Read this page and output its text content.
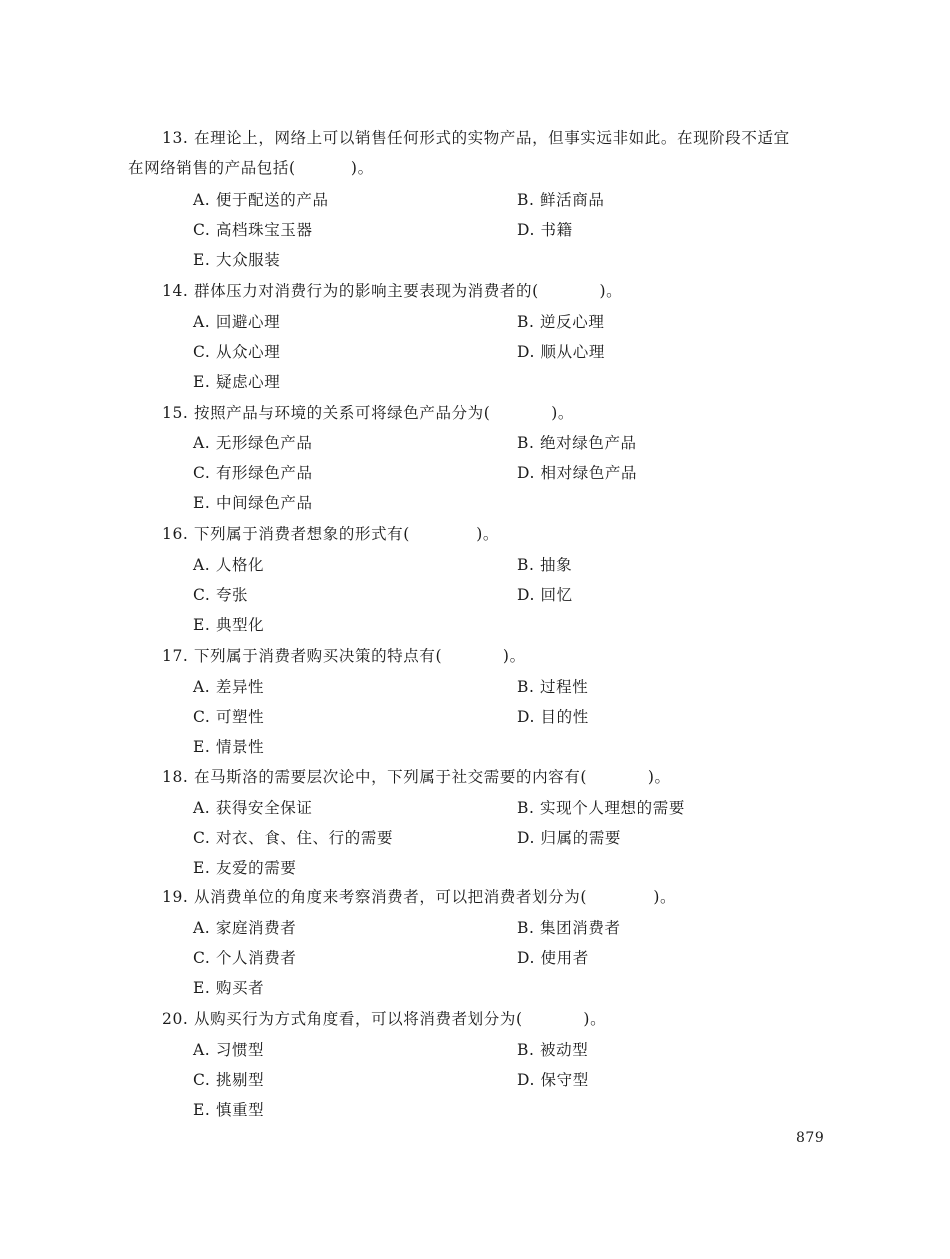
13. 在理论上，网络上可以销售任何形式的实物产品，但事实远非如此。在现阶段不适宜
在网络销售的产品包括(          )。
A. 便于配送的产品	B. 鲜活商品
C. 高档珠宝玉器	D. 书籍
E. 大众服装
14. 群体压力对消费行为的影响主要表现为消费者的(           )。
A. 回避心理	B. 逆反心理
C. 从众心理	D. 顺从心理
E. 疑虑心理
15. 按照产品与环境的关系可将绿色产品分为(           )。
A. 无形绿色产品	B. 绝对绿色产品
C. 有形绿色产品	D. 相对绿色产品
E. 中间绿色产品
16. 下列属于消费者想象的形式有(            )。
A. 人格化	B. 抽象
C. 夸张	D. 回忆
E. 典型化
17. 下列属于消费者购买决策的特点有(           )。
A. 差异性	B. 过程性
C. 可塑性	D. 目的性
E. 情景性
18. 在马斯洛的需要层次论中，下列属于社交需要的内容有(           )。
A. 获得安全保证	B. 实现个人理想的需要
C. 对衣、食、住、行的需要	D. 归属的需要
E. 友爱的需要
19. 从消费单位的角度来考察消费者，可以把消费者划分为(            )。
A. 家庭消费者	B. 集团消费者
C. 个人消费者	D. 使用者
E. 购买者
20. 从购买行为方式角度看，可以将消费者划分为(           )。
A. 习惯型	B. 被动型
C. 挑剔型	D. 保守型
E. 慎重型
879
